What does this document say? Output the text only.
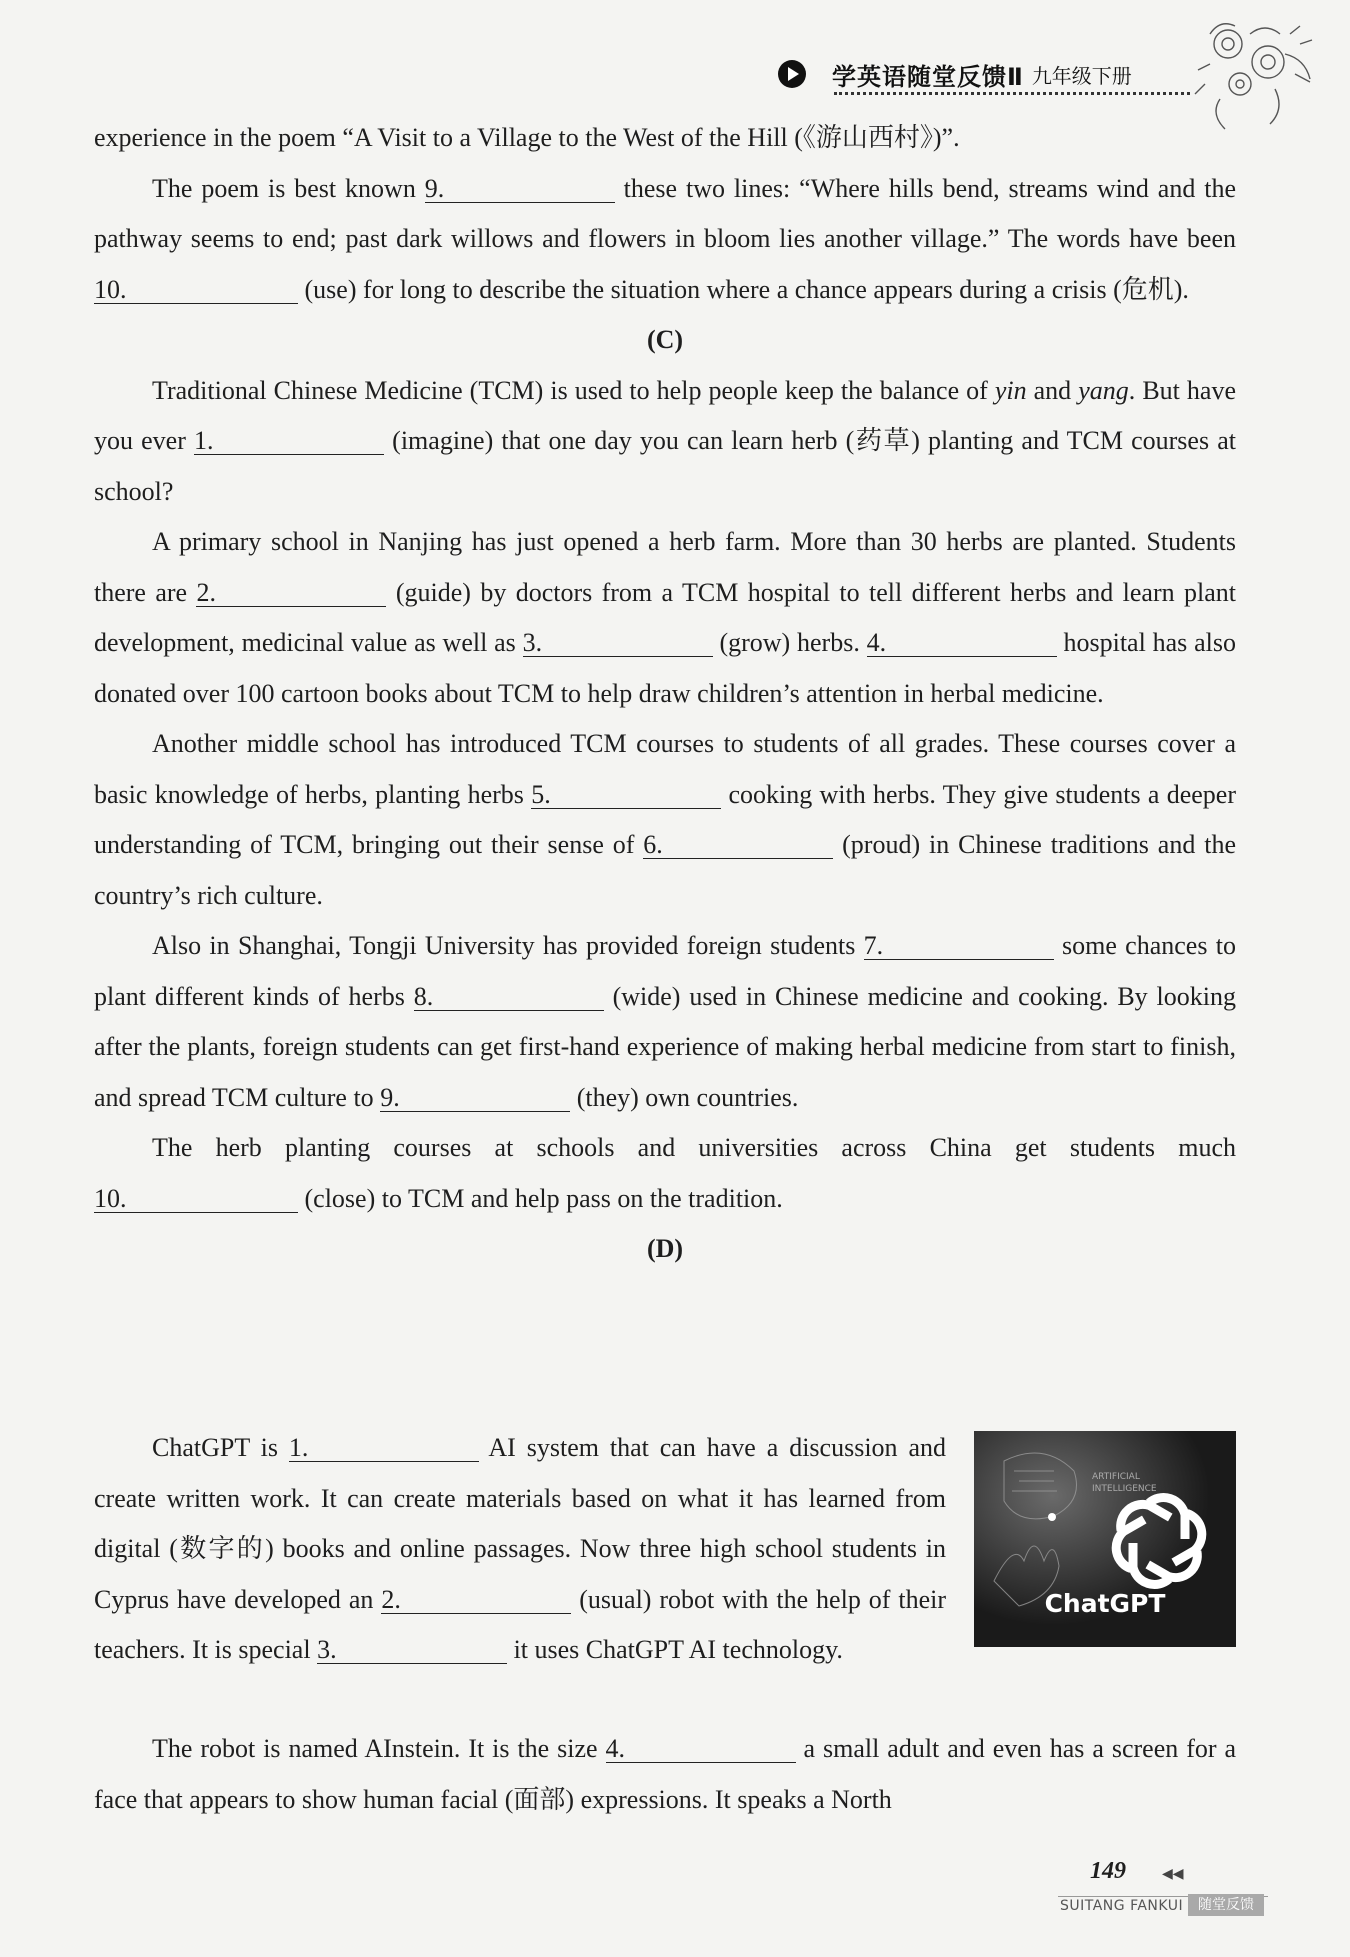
学英语随堂反馈Ⅱ 九年级下册

experience in the poem “A Visit to a Village to the West of the Hill (《游山西村》)”.

The poem is best known 9.	these two lines: “Where hills bend, streams wind and the pathway seems to end; past dark willows and flowers in bloom lies another village.” The words have been 10.	(use) for long to describe the situation where a chance appears during a crisis (危机).

(C)

Traditional Chinese Medicine (TCM) is used to help people keep the balance of yin and yang. But have you ever 1.	(imagine) that one day you can learn herb (药草) planting and TCM courses at school?

A primary school in Nanjing has just opened a herb farm. More than 30 herbs are planted. Students there are 2.	(guide) by doctors from a TCM hospital to tell different herbs and learn plant development, medicinal value as well as 3.	(grow) herbs. 4.	hospital has also donated over 100 cartoon books about TCM to help draw children’s attention in herbal medicine.

Another middle school has introduced TCM courses to students of all grades. These courses cover a basic knowledge of herbs, planting herbs 5.	cooking with herbs. They give students a deeper understanding of TCM, bringing out their sense of 6.	(proud) in Chinese traditions and the country’s rich culture.

Also in Shanghai, Tongji University has provided foreign students 7.	some chances to plant different kinds of herbs 8.	(wide) used in Chinese medicine and cooking. By looking after the plants, foreign students can get first-hand experience of making herbal medicine from start to finish, and spread TCM culture to 9.	(they) own countries.

The herb planting courses at schools and universities across China get students much 10.	(close) to TCM and help pass on the tradition.

(D)

ChatGPT is 1.	AI system that can have a discussion and create written work. It can create materials based on what it has learned from digital (数字的) books and online passages. Now three high school students in Cyprus have developed an 2.	(usual) robot with the help of their teachers. It is special 3.	it uses ChatGPT AI technology.

ARTIFICIAL
INTELLIGENCE
ChatGPT

The robot is named AInstein. It is the size 4.	a small adult and even has a screen for a face that appears to show human facial (面部) expressions. It speaks a North

149	◀◀
SUITANG FANKUI	随堂反馈
